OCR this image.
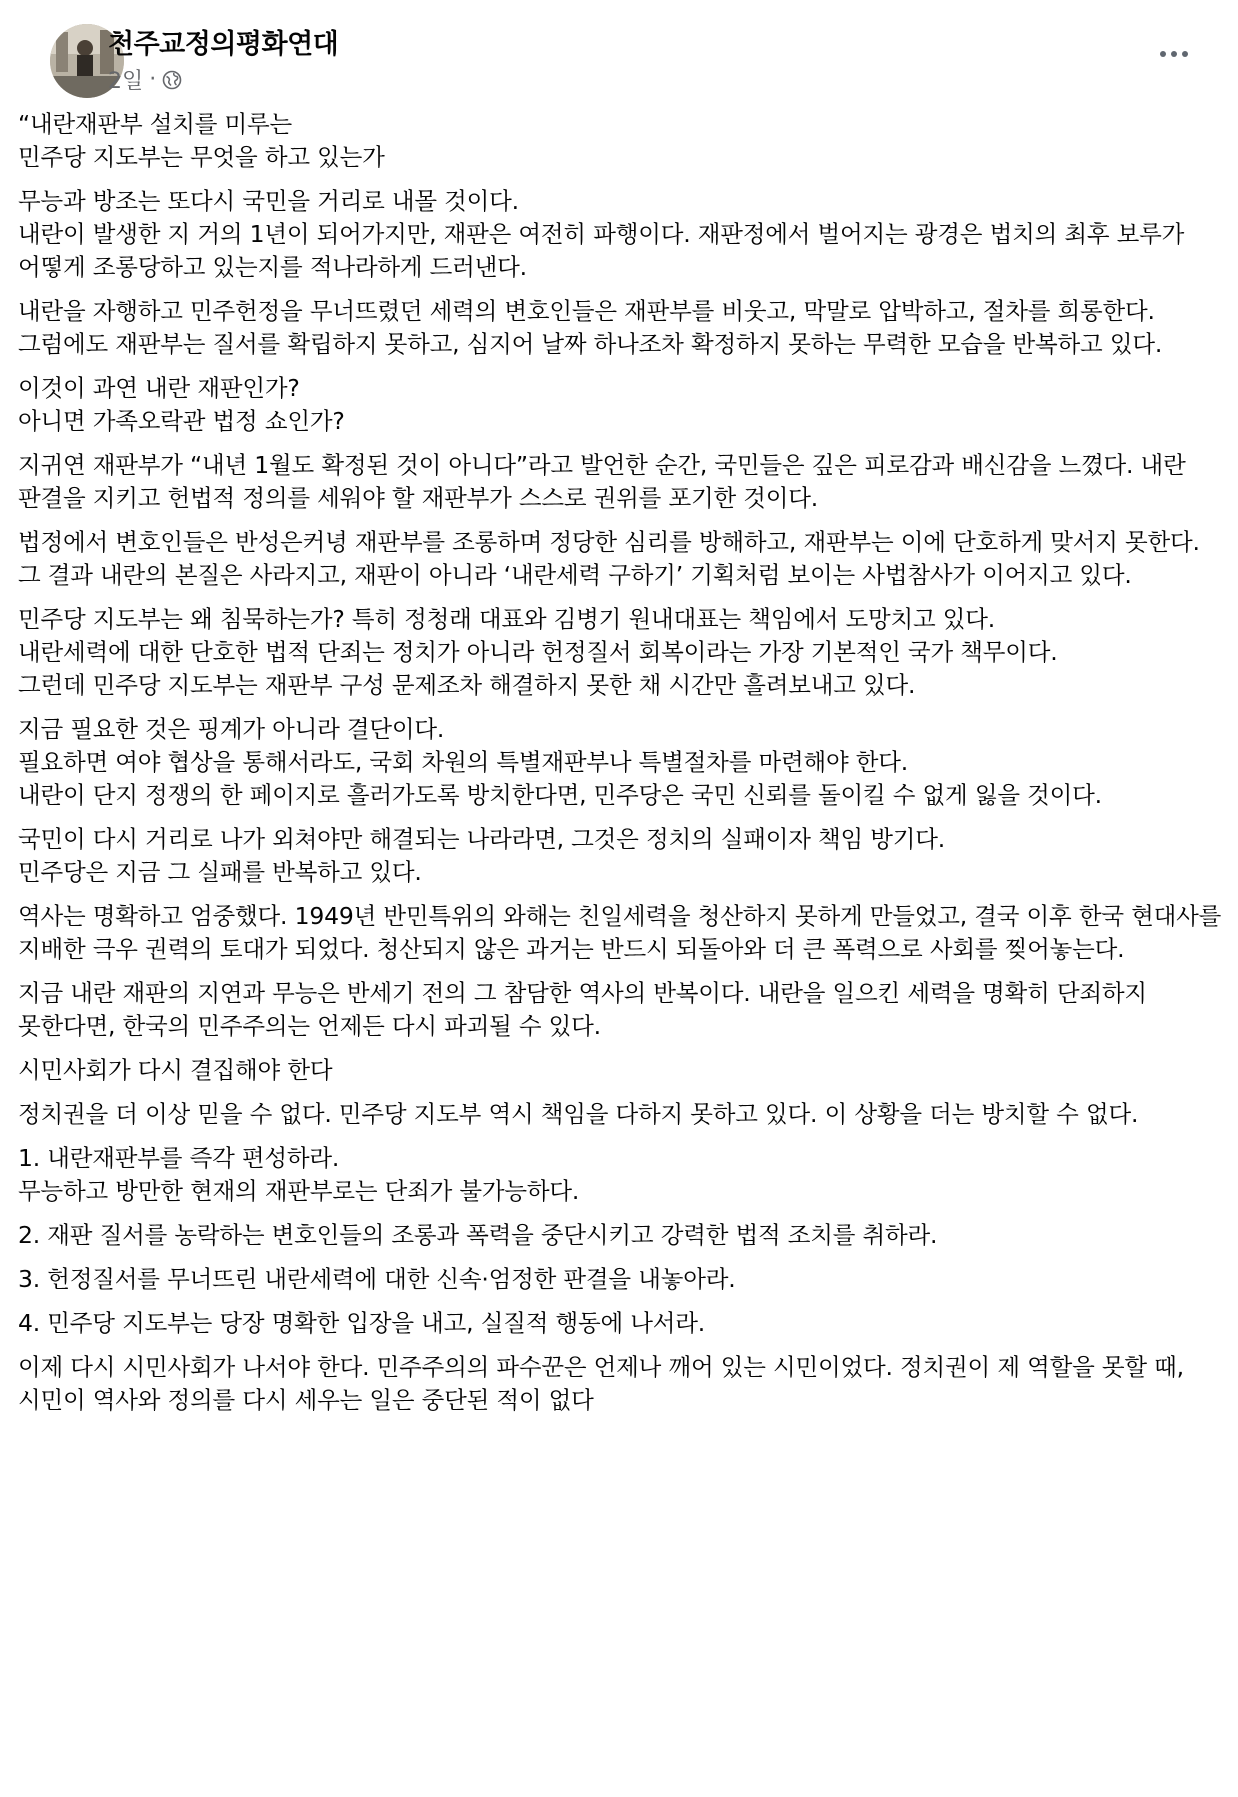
천주교정의평화연대
2일 ·

“내란재판부 설치를 미루는
민주당 지도부는 무엇을 하고 있는가

무능과 방조는 또다시 국민을 거리로 내몰 것이다.
내란이 발생한 지 거의 1년이 되어가지만, 재판은 여전히 파행이다. 재판정에서 벌어지는 광경은 법치의 최후 보루가 어떻게 조롱당하고 있는지를 적나라하게 드러낸다.

내란을 자행하고 민주헌정을 무너뜨렸던 세력의 변호인들은 재판부를 비웃고, 막말로 압박하고, 절차를 희롱한다. 그럼에도 재판부는 질서를 확립하지 못하고, 심지어 날짜 하나조차 확정하지 못하는 무력한 모습을 반복하고 있다.

이것이 과연 내란 재판인가?
아니면 가족오락관 법정 쇼인가?

지귀연 재판부가 “내년 1월도 확정된 것이 아니다”라고 발언한 순간, 국민들은 깊은 피로감과 배신감을 느꼈다. 내란 판결을 지키고 헌법적 정의를 세워야 할 재판부가 스스로 권위를 포기한 것이다.

법정에서 변호인들은 반성은커녕 재판부를 조롱하며 정당한 심리를 방해하고, 재판부는 이에 단호하게 맞서지 못한다. 그 결과 내란의 본질은 사라지고, 재판이 아니라 ‘내란세력 구하기’ 기획처럼 보이는 사법참사가 이어지고 있다.

민주당 지도부는 왜 침묵하는가? 특히 정청래 대표와 김병기 원내대표는 책임에서 도망치고 있다.
내란세력에 대한 단호한 법적 단죄는 정치가 아니라 헌정질서 회복이라는 가장 기본적인 국가 책무이다.
그런데 민주당 지도부는 재판부 구성 문제조차 해결하지 못한 채 시간만 흘려보내고 있다.

지금 필요한 것은 핑계가 아니라 결단이다.
필요하면 여야 협상을 통해서라도, 국회 차원의 특별재판부나 특별절차를 마련해야 한다.
내란이 단지 정쟁의 한 페이지로 흘러가도록 방치한다면, 민주당은 국민 신뢰를 돌이킬 수 없게 잃을 것이다.

국민이 다시 거리로 나가 외쳐야만 해결되는 나라라면, 그것은 정치의 실패이자 책임 방기다.
민주당은 지금 그 실패를 반복하고 있다.

역사는 명확하고 엄중했다. 1949년 반민특위의 와해는 친일세력을 청산하지 못하게 만들었고, 결국 이후 한국 현대사를 지배한 극우 권력의 토대가 되었다. 청산되지 않은 과거는 반드시 되돌아와 더 큰 폭력으로 사회를 찢어놓는다.

지금 내란 재판의 지연과 무능은 반세기 전의 그 참담한 역사의 반복이다. 내란을 일으킨 세력을 명확히 단죄하지 못한다면, 한국의 민주주의는 언제든 다시 파괴될 수 있다.

시민사회가 다시 결집해야 한다

정치권을 더 이상 믿을 수 없다. 민주당 지도부 역시 책임을 다하지 못하고 있다. 이 상황을 더는 방치할 수 없다.

1. 내란재판부를 즉각 편성하라.
무능하고 방만한 현재의 재판부로는 단죄가 불가능하다.

2. 재판 질서를 농락하는 변호인들의 조롱과 폭력을 중단시키고 강력한 법적 조치를 취하라.

3. 헌정질서를 무너뜨린 내란세력에 대한 신속·엄정한 판결을 내놓아라.

4. 민주당 지도부는 당장 명확한 입장을 내고, 실질적 행동에 나서라.

이제 다시 시민사회가 나서야 한다. 민주주의의 파수꾼은 언제나 깨어 있는 시민이었다. 정치권이 제 역할을 못할 때, 시민이 역사와 정의를 다시 세우는 일은 중단된 적이 없다
